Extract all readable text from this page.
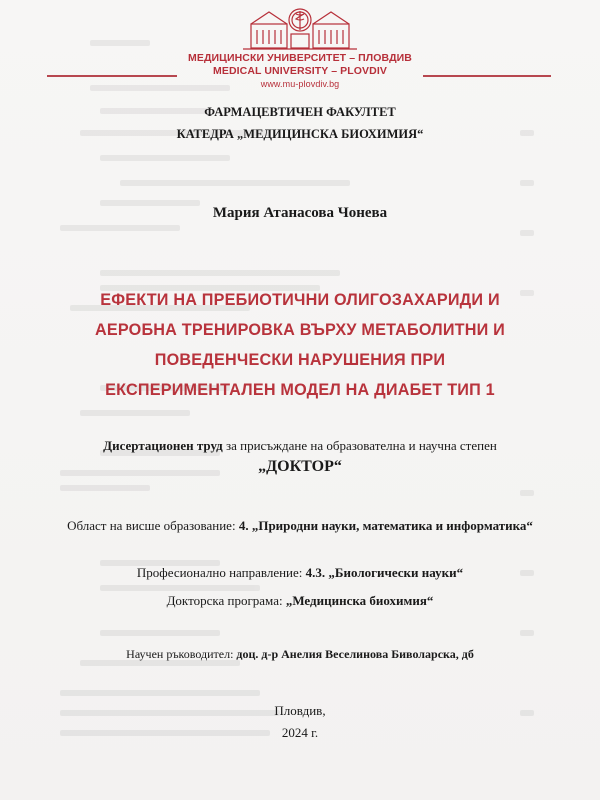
МЕДИЦИНСКИ УНИВЕРСИТЕТ – ПЛОВДИВ
MEDICAL UNIVERSITY – PLOVDIV
www.mu-plovdiv.bg
ФАРМАЦЕВТИЧЕН ФАКУЛТЕТ
КАТЕДРА „МЕДИЦИНСКА БИОХИМИЯ“
Мария Атанасова Чонева
ЕФЕКТИ НА ПРЕБИОТИЧНИ ОЛИГОЗАХАРИДИ И
АЕРОБНА ТРЕНИРОВКА ВЪРХУ МЕТАБОЛИТНИ И
ПОВЕДЕНЧЕСКИ НАРУШЕНИЯ ПРИ
ЕКСПЕРИМЕНТАЛЕН МОДЕЛ НА ДИАБЕТ ТИП 1
Дисертационен труд за присъждане на образователна и научна степен
„ДОКТОР“
Област на висше образование: 4. „Природни науки, математика и информатика“
Професионално направление: 4.3. „Биологически науки“
Докторска програма: „Медицинска биохимия“
Научен ръководител: доц. д-р Анелия Веселинова Биволарска, дб
Пловдив,
2024 г.
